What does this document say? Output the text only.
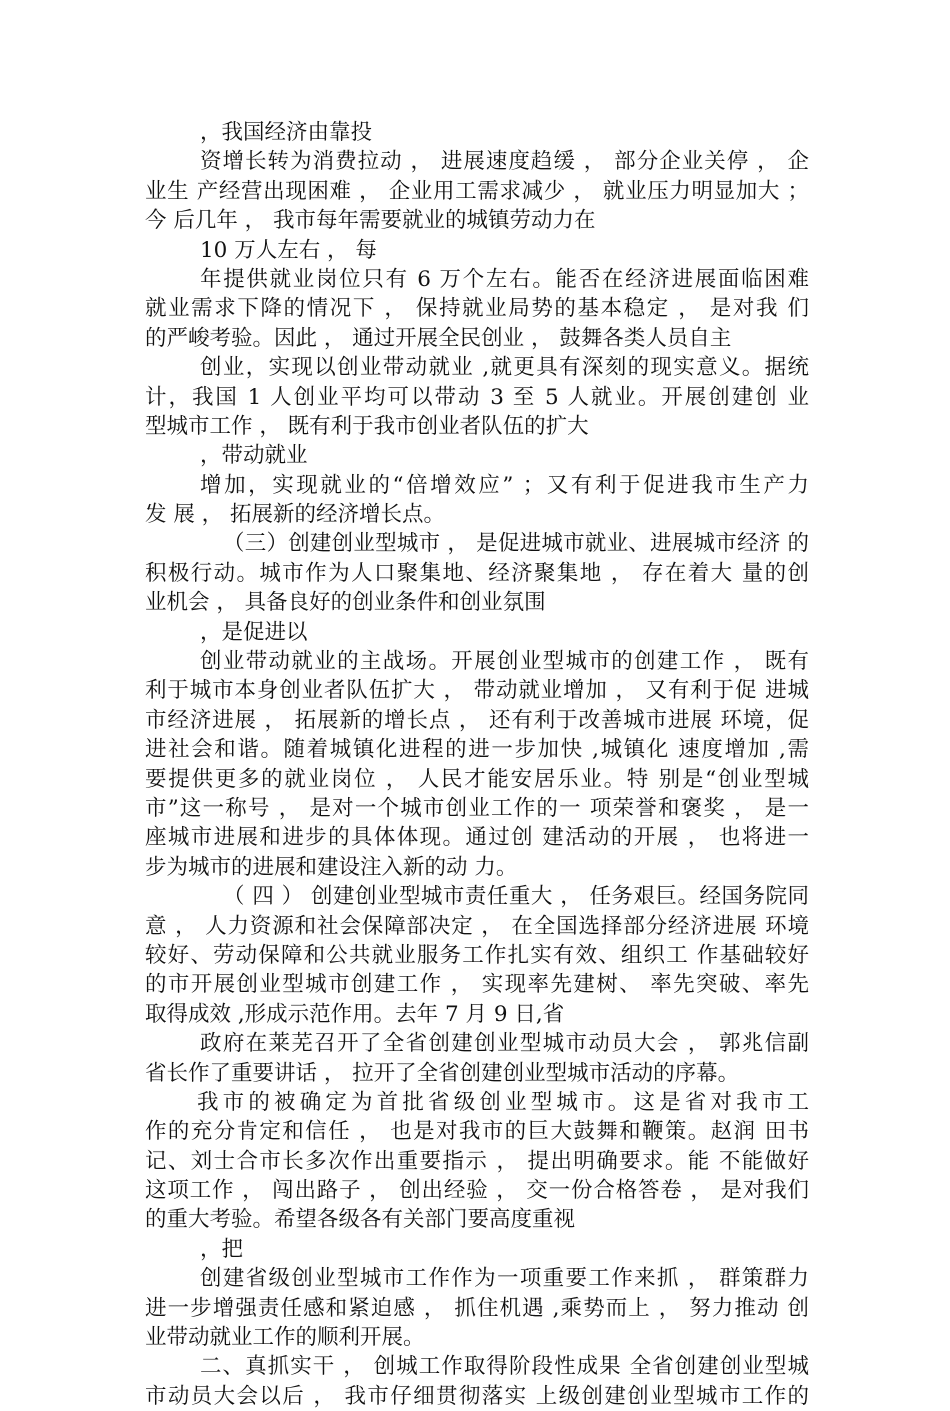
，我国经济由靠投
资增长转为消费拉动 ， 进展速度趋缓 ， 部分企业关停 ， 企
业生 产经营出现困难 ， 企业用工需求减少 ， 就业压力明显加大 ；
今 后几年 ， 我市每年需要就业的城镇劳动力在
10 万人左右 ， 每
年提供就业岗位只有 6 万个左右。能否在经济进展面临困难
就业需求下降的情况下 ， 保持就业局势的基本稳定 ， 是对我 们
的严峻考验。因此 ， 通过开展全民创业 ， 鼓舞各类人员自主
创业，实现以创业带动就业 ,就更具有深刻的现实意义。据统
计，我国 1 人创业平均可以带动 3 至 5 人就业。开展创建创 业
型城市工作 ， 既有利于我市创业者队伍的扩大
，带动就业
增加，实现就业的“倍增效应” ；又有利于促进我市生产力
发 展 ， 拓展新的经济增长点。
（三）创建创业型城市 ， 是促进城市就业、进展城市经济 的
积极行动。城市作为人口聚集地、经济聚集地 ， 存在着大 量的创
业机会 ， 具备良好的创业条件和创业氛围
，是促进以
创业带动就业的主战场。开展创业型城市的创建工作 ， 既有
利于城市本身创业者队伍扩大 ， 带动就业增加 ， 又有利于促 进城
市经济进展 ， 拓展新的增长点 ， 还有利于改善城市进展 环境，促
进社会和谐。随着城镇化进程的进一步加快 ,城镇化 速度增加 ,需
要提供更多的就业岗位 ， 人民才能安居乐业。特 别是“创业型城
市”这一称号 ， 是对一个城市创业工作的一 项荣誉和褒奖 ， 是一
座城市进展和进步的具体体现。通过创 建活动的开展 ， 也将进一
步为城市的进展和建设注入新的动 力。
（ 四 ） 创建创业型城市责任重大 ， 任务艰巨。经国务院同
意 ， 人力资源和社会保障部决定 ， 在全国选择部分经济进展 环境
较好、劳动保障和公共就业服务工作扎实有效、组织工 作基础较好
的市开展创业型城市创建工作 ， 实现率先建树、 率先突破、率先
取得成效 ,形成示范作用。去年 7 月 9 日,省
政府在莱芜召开了全省创建创业型城市动员大会 ， 郭兆信副
省长作了重要讲话 ， 拉开了全省创建创业型城市活动的序幕。
我市的被确定为首批省级创业型城市。这是省对我市工
作的充分肯定和信任 ， 也是对我市的巨大鼓舞和鞭策。赵润 田书
记、刘士合市长多次作出重要指示 ， 提出明确要求。能 不能做好
这项工作 ， 闯出路子 ， 创出经验 ， 交一份合格答卷 ， 是对我们
的重大考验。希望各级各有关部门要高度重视
，把
创建省级创业型城市工作作为一项重要工作来抓 ， 群策群力
进一步增强责任感和紧迫感 ， 抓住机遇 ,乘势而上 ， 努力推动 创
业带动就业工作的顺利开展。
二、真抓实干 ， 创城工作取得阶段性成果 全省创建创业型城
市动员大会以后 ， 我市仔细贯彻落实 上级创建创业型城市工作的
